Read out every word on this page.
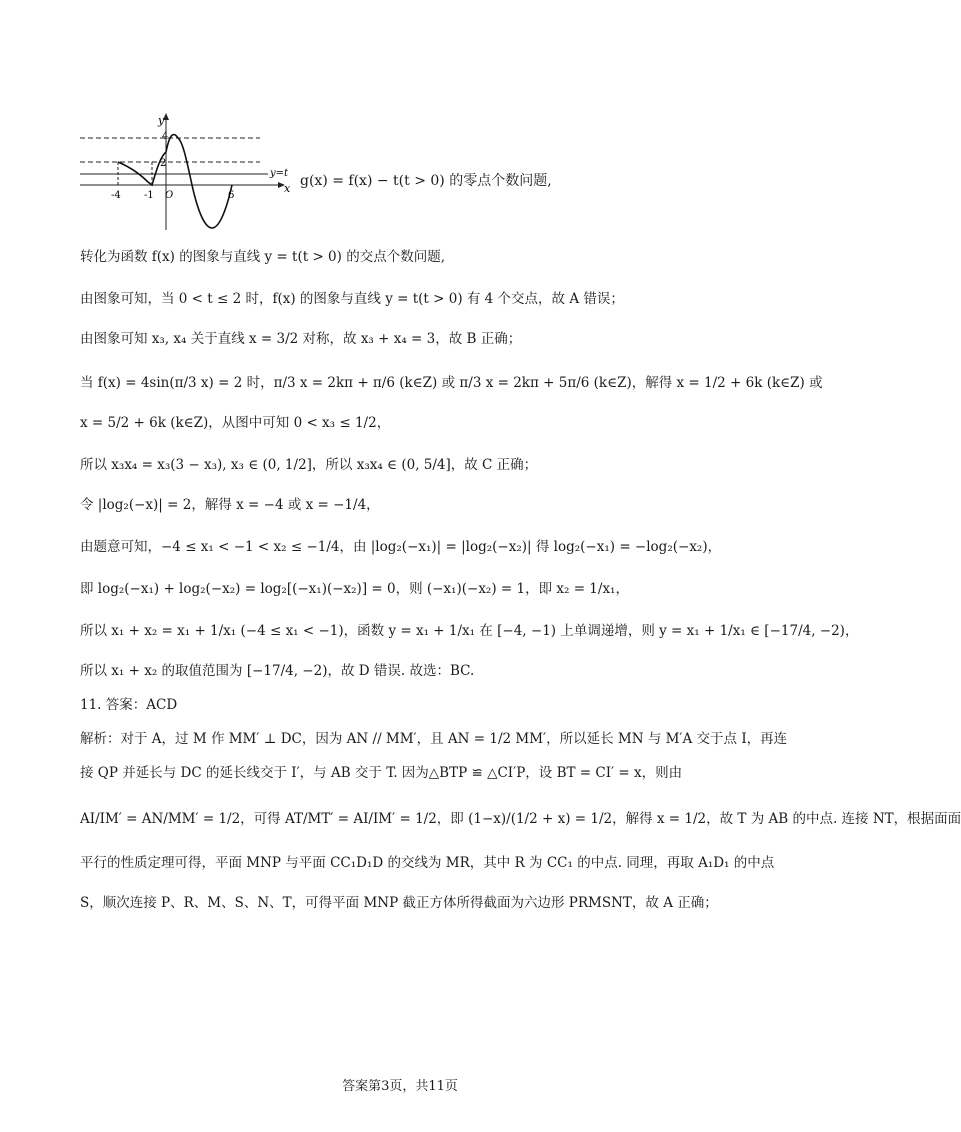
y
4
2
y=t
x
-4 -1 O	6
g(x) = f(x) − t(t > 0) 的零点个数问题,
转化为函数 f(x) 的图象与直线 y = t(t > 0) 的交点个数问题,
由图象可知，当 0 < t ≤ 2 时，f(x) 的图象与直线 y = t(t > 0) 有 4 个交点，故 A 错误；
由图象可知 x₃, x₄ 关于直线 x = 3/2 对称，故 x₃ + x₄ = 3，故 B 正确；
当 f(x) = 4sin(π/3 x) = 2 时，π/3 x = 2kπ + π/6 (k∈Z) 或 π/3 x = 2kπ + 5π/6 (k∈Z)，解得 x = 1/2 + 6k (k∈Z) 或
x = 5/2 + 6k (k∈Z)，从图中可知 0 < x₃ ≤ 1/2，
所以 x₃x₄ = x₃(3 − x₃), x₃ ∈ (0, 1/2]，所以 x₃x₄ ∈ (0, 5/4]，故 C 正确；
令 |log₂(−x)| = 2，解得 x = −4 或 x = −1/4，
由题意可知，−4 ≤ x₁ < −1 < x₂ ≤ −1/4，由 |log₂(−x₁)| = |log₂(−x₂)| 得 log₂(−x₁) = −log₂(−x₂)，
即 log₂(−x₁) + log₂(−x₂) = log₂[(−x₁)(−x₂)] = 0，则 (−x₁)(−x₂) = 1，即 x₂ = 1/x₁，
所以 x₁ + x₂ = x₁ + 1/x₁ (−4 ≤ x₁ < −1)，函数 y = x₁ + 1/x₁ 在 [−4, −1) 上单调递增，则 y = x₁ + 1/x₁ ∈ [−17/4, −2)，
所以 x₁ + x₂ 的取值范围为 [−17/4, −2)，故 D 错误. 故选：BC.
11. 答案：ACD
解析：对于 A，过 M 作 MM′ ⊥ DC，因为 AN // MM′，且 AN = 1/2 MM′，所以延长 MN 与 M′A 交于点 I，再连
接 QP 并延长与 DC 的延长线交于 I′，与 AB 交于 T. 因为△BTP ≌ △CI′P，设 BT = CI′ = x，则由
AI/IM′ = AN/MM′ = 1/2，可得 AT/MT′ = AI/IM′ = 1/2，即 (1−x)/(1/2 + x) = 1/2，解得 x = 1/2，故 T 为 AB 的中点. 连接 NT，根据面面
平行的性质定理可得，平面 MNP 与平面 CC₁D₁D 的交线为 MR，其中 R 为 CC₁ 的中点. 同理，再取 A₁D₁ 的中点
S，顺次连接 P、R、M、S、N、T，可得平面 MNP 截正方体所得截面为六边形 PRMSNT，故 A 正确；
答案第3页，共11页
